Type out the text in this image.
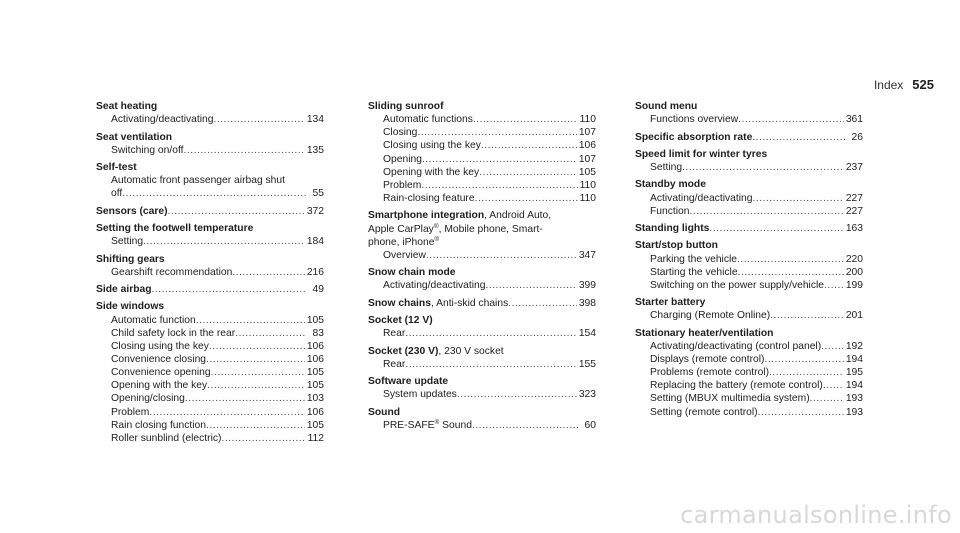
Index 525
Seat heating
Activating/deactivating .....	134
Seat ventilation
Switching on/off .....	135
Self-test
Automatic front passenger airbag shut
off .....	55
Sensors (care) .....	372
Setting the footwell temperature
Setting .....	184
Shifting gears
Gearshift recommendation .....	216
Side airbag .....	49
Side windows
Automatic function .....	105
Child safety lock in the rear .....	83
Closing using the key .....	106
Convenience closing .....	106
Convenience opening .....	105
Opening with the key .....	105
Opening/closing .....	103
Problem .....	106
Rain closing function .....	105
Roller sunblind (electric) .....	112
Sliding sunroof
Automatic functions .....	110
Closing .....	107
Closing using the key .....	106
Opening .....	107
Opening with the key .....	105
Problem .....	110
Rain-closing feature .....	110
Smartphone integration, Android Auto,
Apple CarPlay®, Mobile phone, Smart-
phone, iPhone®
Overview .....	347
Snow chain mode
Activating/deactivating .....	399
Snow chains, Anti-skid chains .....	398
Socket (12 V)
Rear .....	154
Socket (230 V), 230 V socket
Rear .....	155
Software update
System updates .....	323
Sound
PRE-SAFE® Sound .....	60
Sound menu
Functions overview .....	361
Specific absorption rate .....	26
Speed limit for winter tyres
Setting .....	237
Standby mode
Activating/deactivating .....	227
Function .....	227
Standing lights .....	163
Start/stop button
Parking the vehicle .....	220
Starting the vehicle .....	200
Switching on the power supply/vehicle ..... 199
Starter battery
Charging (Remote Online) .....	201
Stationary heater/ventilation
Activating/deactivating (control panel) ..... 192
Displays (remote control) .....	194
Problems (remote control) .....	195
Replacing the battery (remote control) ..... 194
Setting (MBUX multimedia system) .....	193
Setting (remote control) .....	193
carmanualsonline.info
